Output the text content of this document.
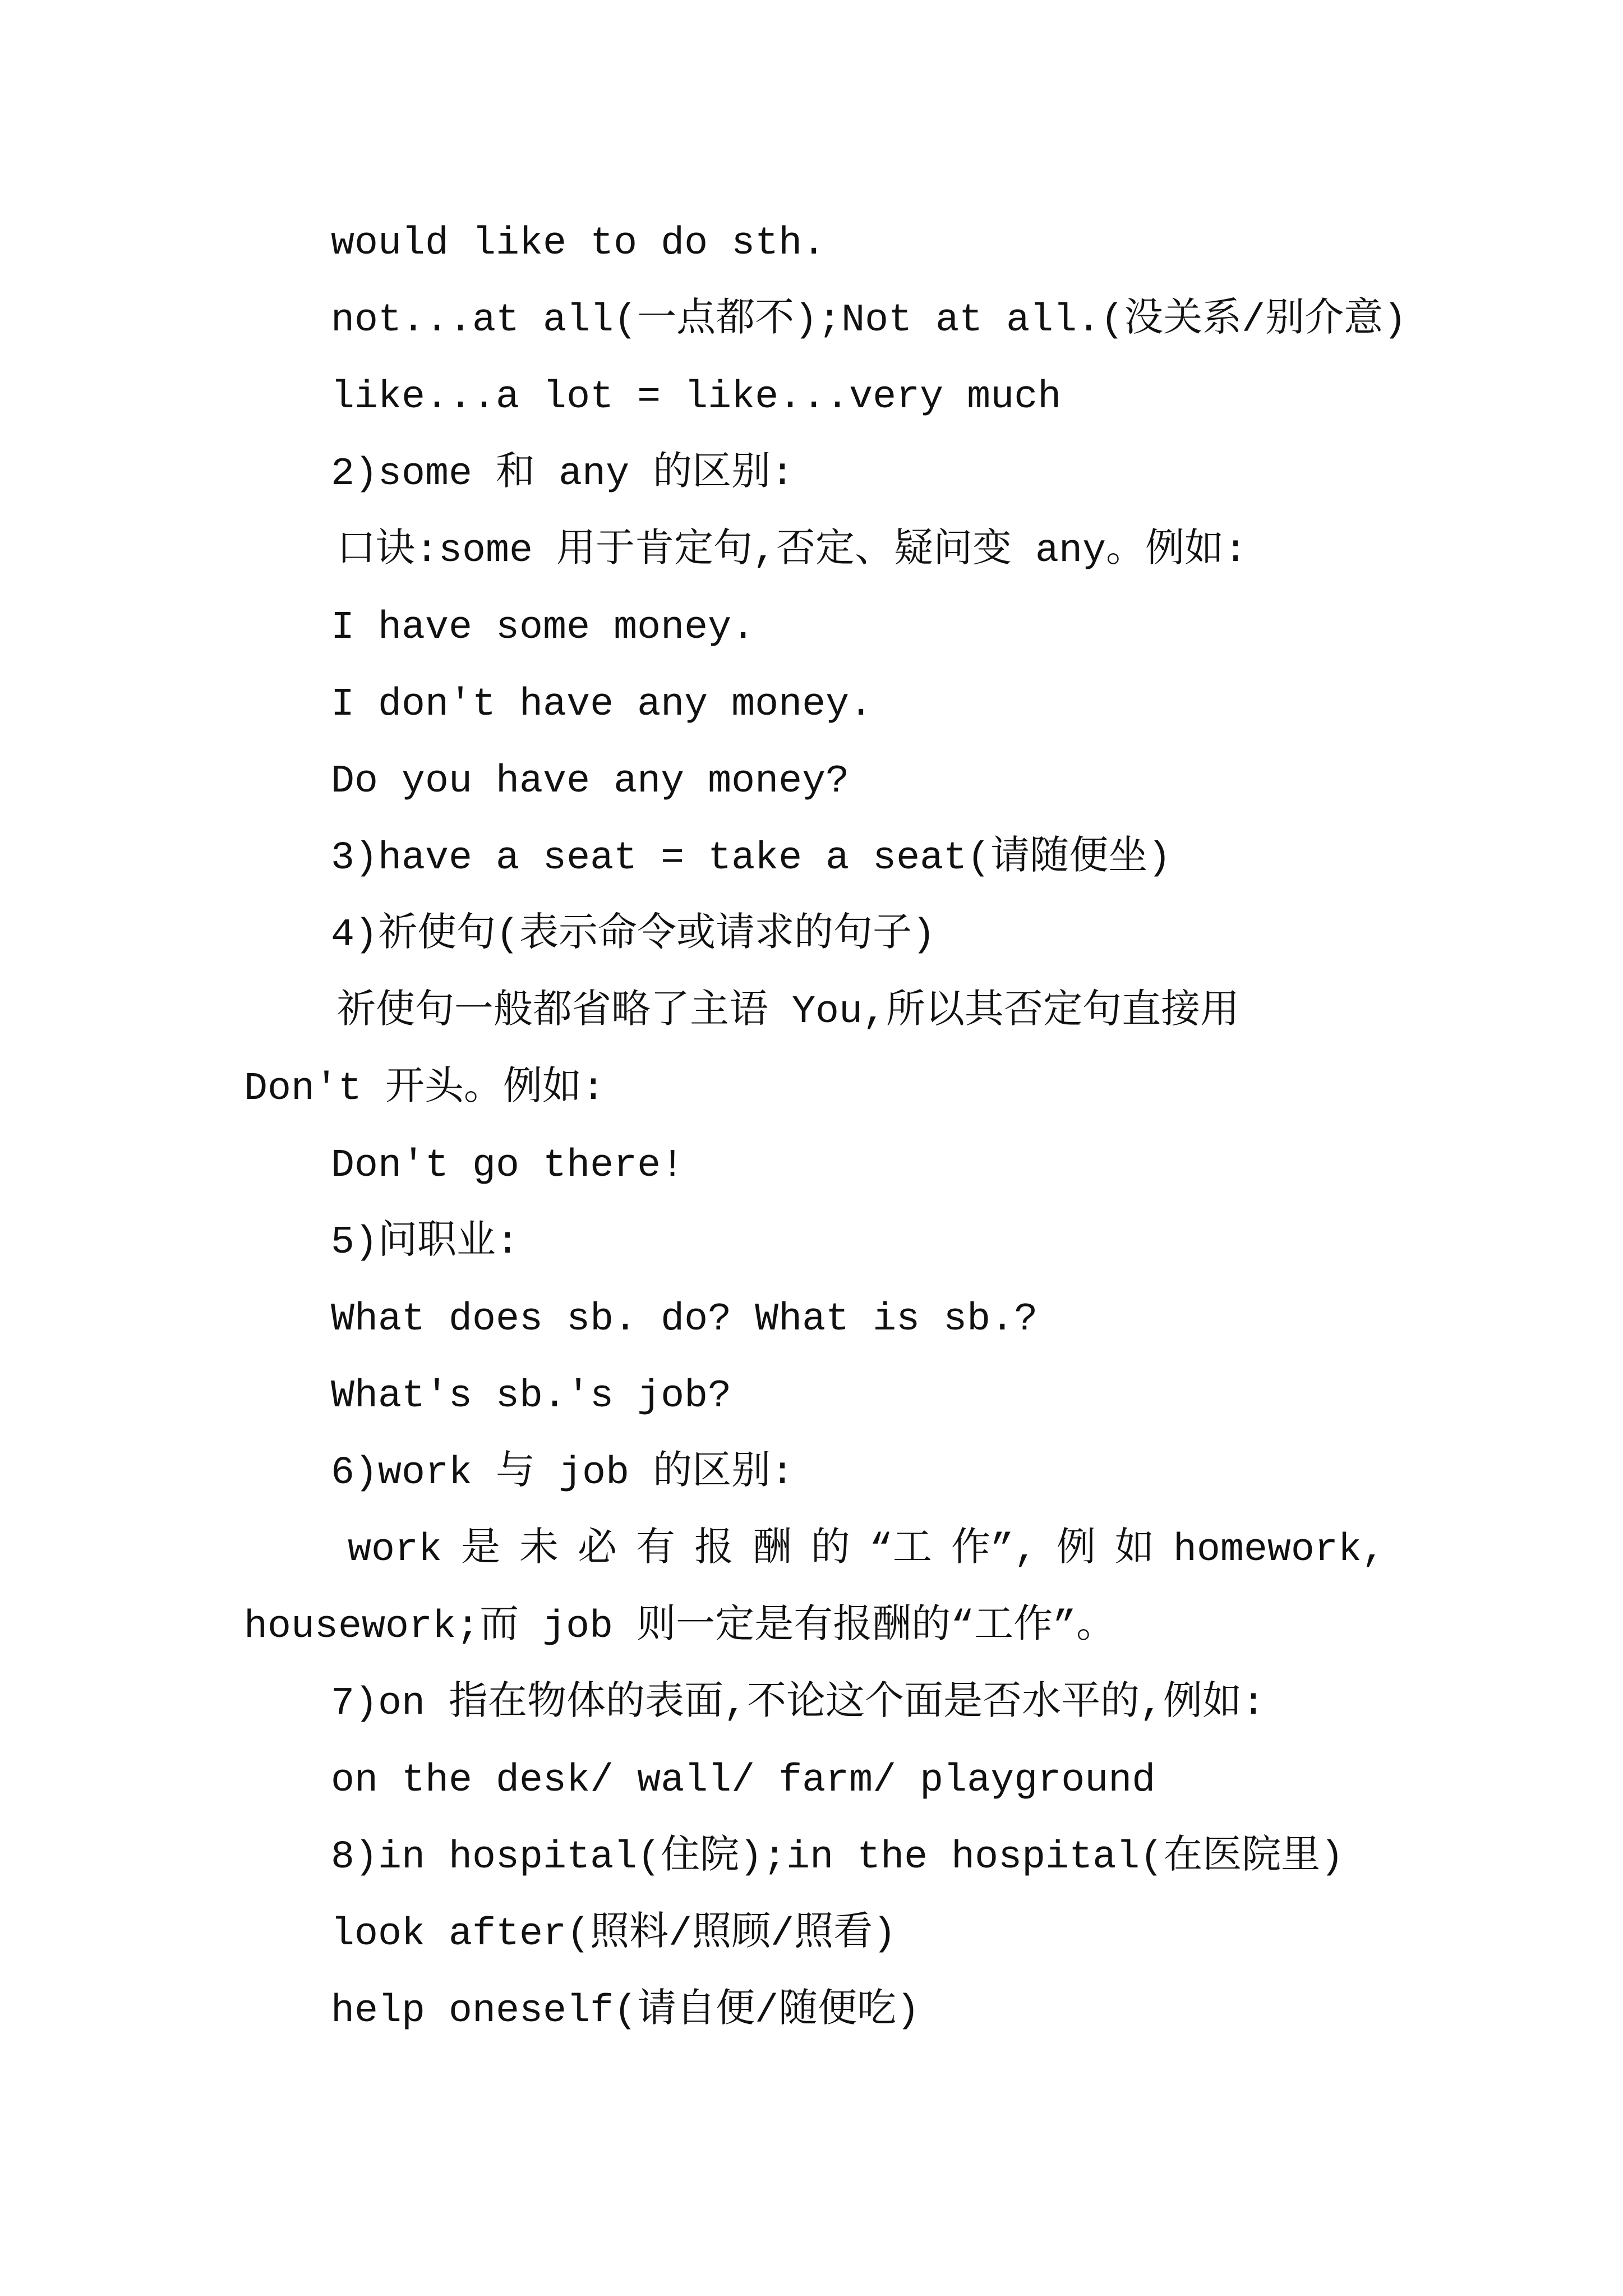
would like to do sth.
not...at all(一点都不);Not at all.(没关系/别介意)
like...a lot = like...very much
2)some 和 any 的区别:
口诀:some 用于肯定句,否定、疑问变 any。例如:
I have some money.
I don't have any money.
Do you have any money?
3)have a seat = take a seat(请随便坐)
4)祈使句(表示命令或请求的句子)
祈使句一般都省略了主语 You,所以其否定句直接用
Don't 开头。例如:
Don't go there!
5)问职业:
What does sb. do? What is sb.?
What's sb.'s job?
6)work 与 job 的区别:
work 是 未 必 有 报 酬 的 “工 作”, 例 如 homework,
housework;而 job 则一定是有报酬的“工作”。
7)on 指在物体的表面,不论这个面是否水平的,例如:
on the desk/ wall/ farm/ playground
8)in hospital(住院);in the hospital(在医院里)
look after(照料/照顾/照看)
help oneself(请自便/随便吃)
